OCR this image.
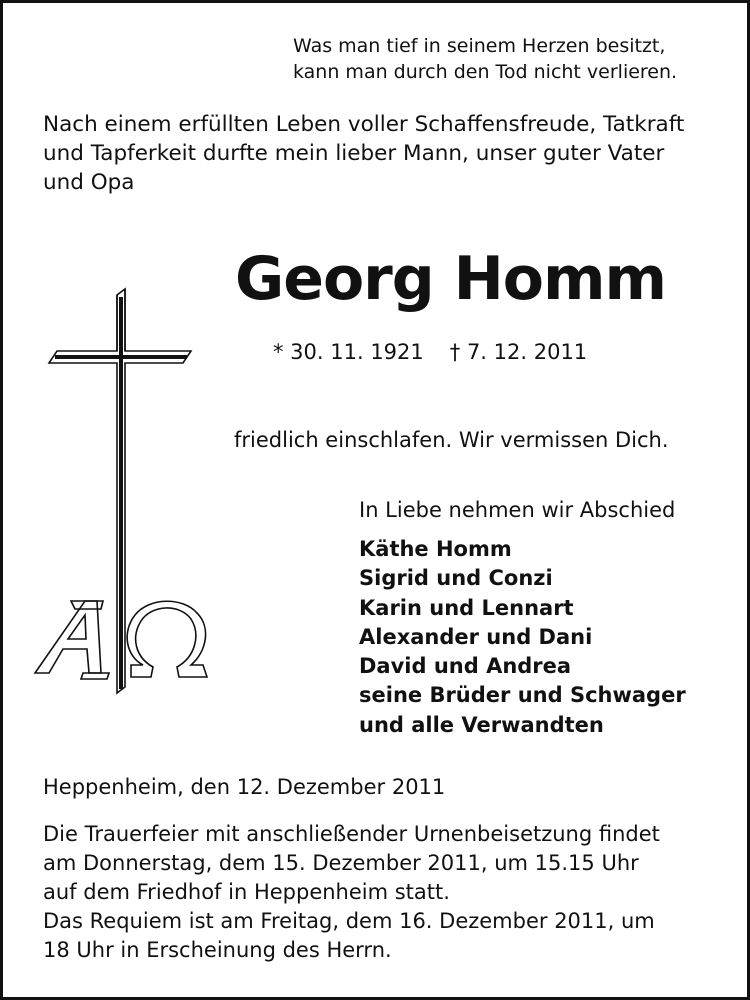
Was man tief in seinem Herzen besitzt,
kann man durch den Tod nicht verlieren.

Nach einem erfüllten Leben voller Schaffensfreude, Tatkraft
und Tapferkeit durfte mein lieber Mann, unser guter Vater
und Opa

Georg Homm

* 30. 11. 1921 † 7. 12. 2011

friedlich einschlafen. Wir vermissen Dich.

In Liebe nehmen wir Abschied

Käthe Homm
Sigrid und Conzi
Karin und Lennart
Alexander und Dani
David und Andrea
seine Brüder und Schwager
und alle Verwandten

Heppenheim, den 12. Dezember 2011

Die Trauerfeier mit anschließender Urnenbeisetzung findet
am Donnerstag, dem 15. Dezember 2011, um 15.15 Uhr
auf dem Friedhof in Heppenheim statt.
Das Requiem ist am Freitag, dem 16. Dezember 2011, um
18 Uhr in Erscheinung des Herrn.
